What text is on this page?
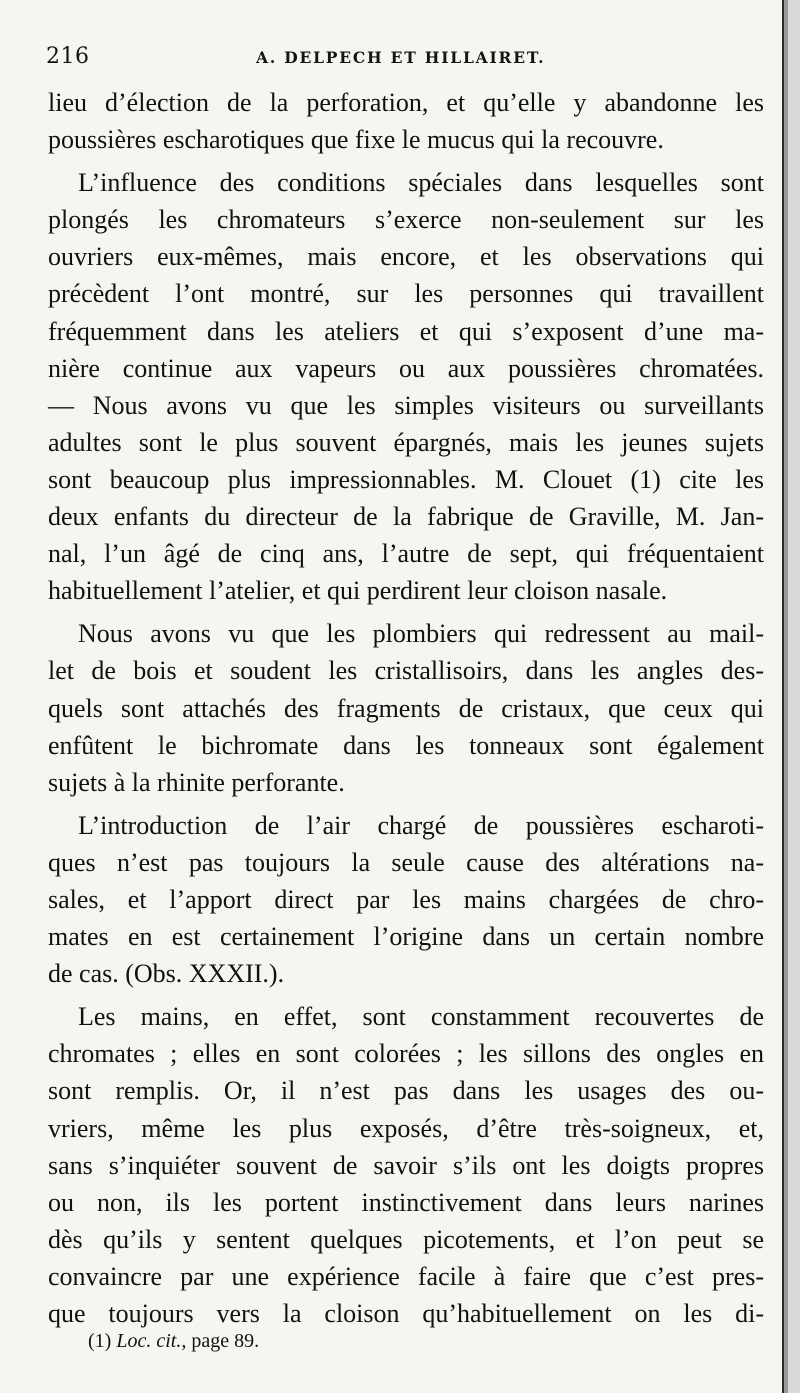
.
216	A. DELPECH ET HILLAIRET.

lieu d’élection de la perforation, et qu’elle y abandonne les

poussières escharotiques que fixe le mucus qui la recouvre.

L’influence des conditions spéciales dans lesquelles sont

plongés les chromateurs s’exerce non-seulement sur les

ouvriers eux-mêmes, mais encore, et les observations qui

précèdent l’ont montré, sur les personnes qui travaillent

fréquemment dans les ateliers et qui s’exposent d’une ma-

nière continue aux vapeurs ou aux poussières chromatées.

— Nous avons vu que les simples visiteurs ou surveillants

adultes sont le plus souvent épargnés, mais les jeunes sujets

sont beaucoup plus impressionnables. M. Clouet (1) cite les

deux enfants du directeur de la fabrique de Graville, M. Jan-

nal, l’un âgé de cinq ans, l’autre de sept, qui fréquentaient

habituellement l’atelier, et qui perdirent leur cloison nasale.

Nous avons vu que les plombiers qui redressent au mail-

let de bois et soudent les cristallisoirs, dans les angles des-

quels sont attachés des fragments de cristaux, que ceux qui

enfûtent le bichromate dans les tonneaux sont également

sujets à la rhinite perforante.

L’introduction de l’air chargé de poussières escharoti-

ques n’est pas toujours la seule cause des altérations na-

sales, et l’apport direct par les mains chargées de chro-

mates en est certainement l’origine dans un certain nombre

de cas. (Obs. XXXII.).

Les mains, en effet, sont constamment recouvertes de

chromates ; elles en sont colorées ; les sillons des ongles en

sont remplis. Or, il n’est pas dans les usages des ou-

vriers, même les plus exposés, d’être très-soigneux, et,

sans s’inquiéter souvent de savoir s’ils ont les doigts propres

ou non, ils les portent instinctivement dans leurs narines

dès qu’ils y sentent quelques picotements, et l’on peut se

convaincre par une expérience facile à faire que c’est pres-

que toujours vers la cloison qu’habituellement on les di-

(1) Loc. cit., page 89.
